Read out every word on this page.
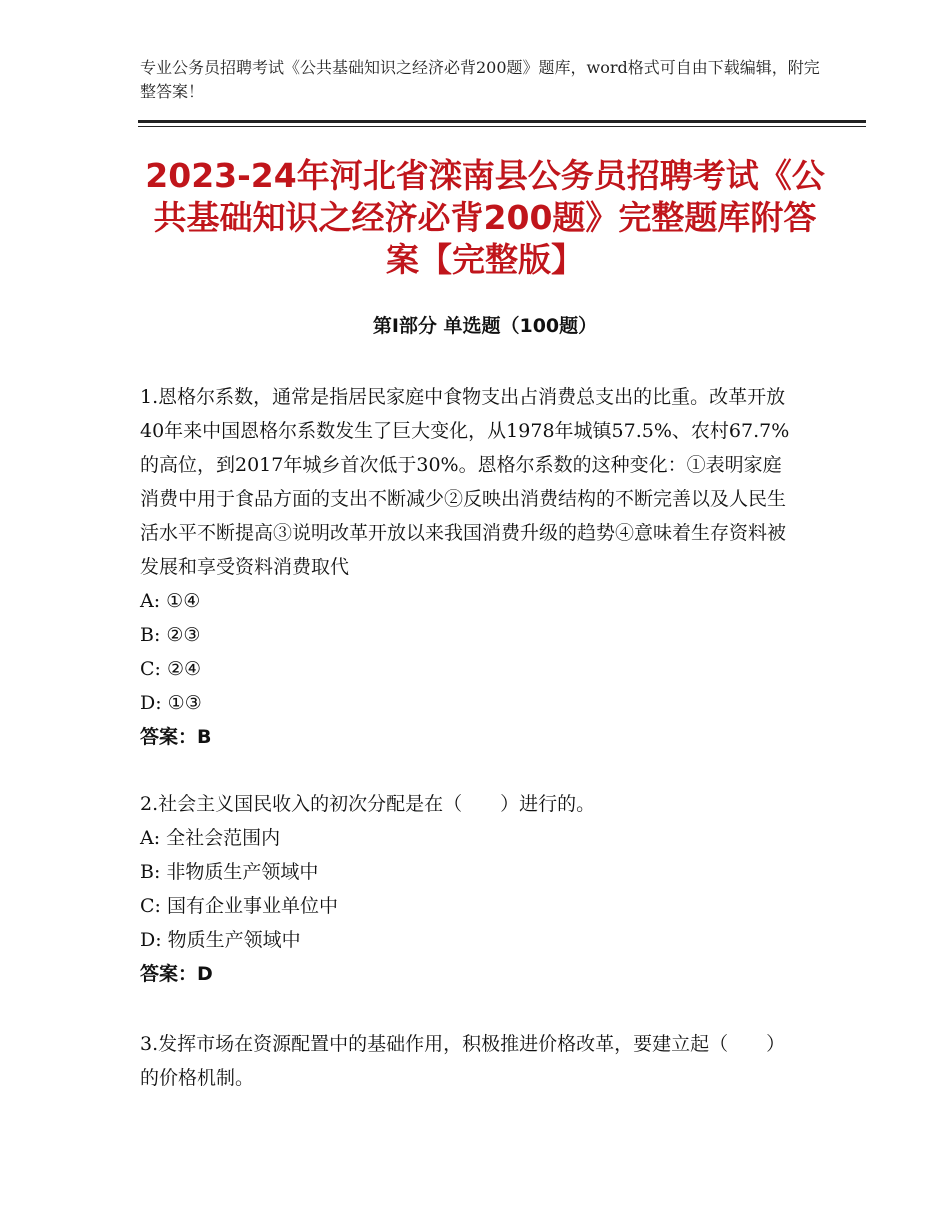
专业公务员招聘考试《公共基础知识之经济必背200题》题库，word格式可自由下载编辑，附完整答案！
2023-24年河北省滦南县公务员招聘考试《公共基础知识之经济必背200题》完整题库附答案【完整版】
第I部分 单选题（100题）

1.恩格尔系数，通常是指居民家庭中食物支出占消费总支出的比重。改革开放40年来中国恩格尔系数发生了巨大变化，从1978年城镇57.5%、农村67.7%的高位，到2017年城乡首次低于30%。恩格尔系数的这种变化：①表明家庭消费中用于食品方面的支出不断减少②反映出消费结构的不断完善以及人民生活水平不断提高③说明改革开放以来我国消费升级的趋势④意味着生存资料被发展和享受资料消费取代

A: ①④

B: ②③

C: ②④

D: ①③

答案：B

2.社会主义国民收入的初次分配是在（　　）进行的。

A: 全社会范围内

B: 非物质生产领域中

C: 国有企业事业单位中

D: 物质生产领域中

答案：D

3.发挥市场在资源配置中的基础作用，积极推进价格改革，要建立起（　　）的价格机制。
